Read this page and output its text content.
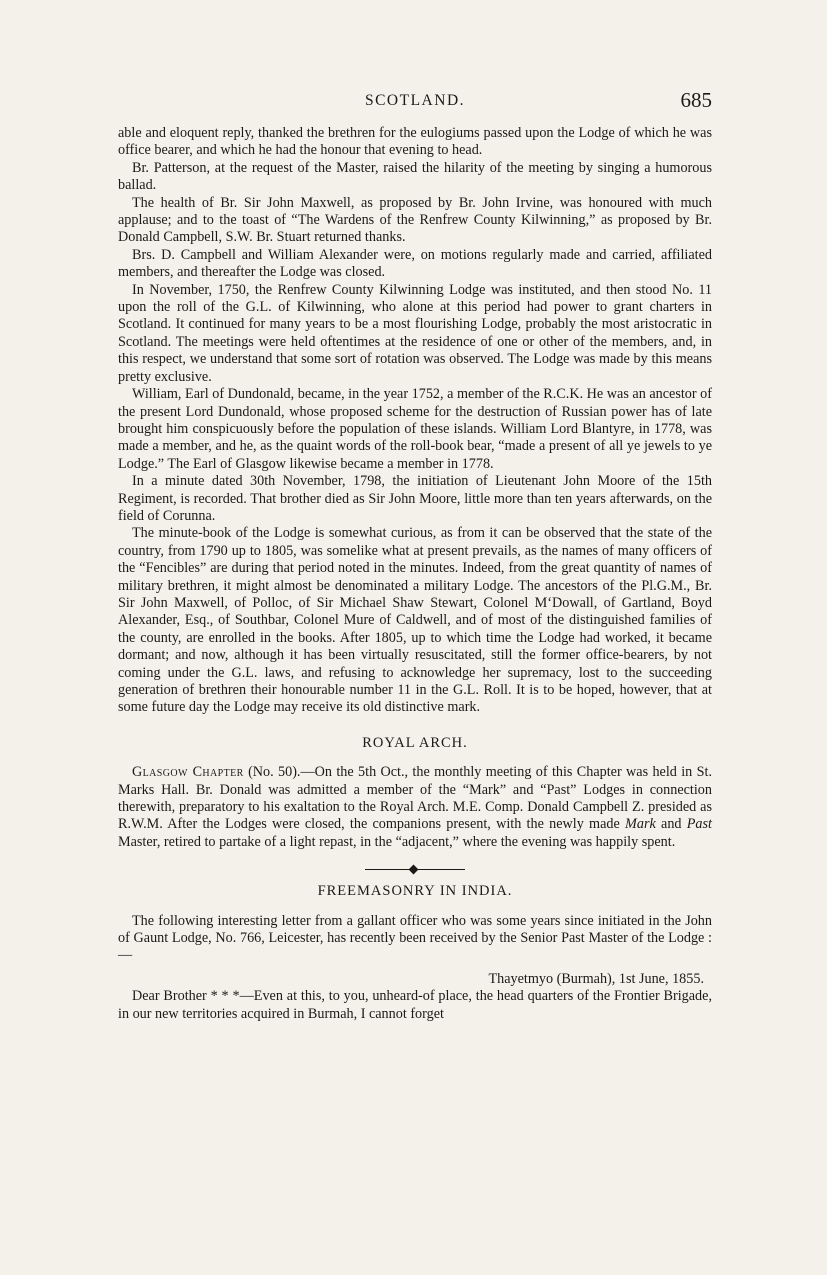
SCOTLAND.	685

able and eloquent reply, thanked the brethren for the eulogiums passed upon the Lodge of which he was office bearer, and which he had the honour that evening to head.

Br. Patterson, at the request of the Master, raised the hilarity of the meeting by singing a humorous ballad.

The health of Br. Sir John Maxwell, as proposed by Br. John Irvine, was honoured with much applause; and to the toast of “The Wardens of the Renfrew County Kilwinning,” as proposed by Br. Donald Campbell, S.W. Br. Stuart returned thanks.

Brs. D. Campbell and William Alexander were, on motions regularly made and carried, affiliated members, and thereafter the Lodge was closed.

In November, 1750, the Renfrew County Kilwinning Lodge was instituted, and then stood No. 11 upon the roll of the G.L. of Kilwinning, who alone at this period had power to grant charters in Scotland. It continued for many years to be a most flourishing Lodge, probably the most aristocratic in Scotland. The meetings were held oftentimes at the residence of one or other of the members, and, in this respect, we understand that some sort of rotation was observed. The Lodge was made by this means pretty exclusive.

William, Earl of Dundonald, became, in the year 1752, a member of the R.C.K. He was an ancestor of the present Lord Dundonald, whose proposed scheme for the destruction of Russian power has of late brought him conspicuously before the population of these islands. William Lord Blantyre, in 1778, was made a member, and he, as the quaint words of the roll-book bear, “made a present of all ye jewels to ye Lodge.” The Earl of Glasgow likewise became a member in 1778.

In a minute dated 30th November, 1798, the initiation of Lieutenant John Moore of the 15th Regiment, is recorded. That brother died as Sir John Moore, little more than ten years afterwards, on the field of Corunna.

The minute-book of the Lodge is somewhat curious, as from it can be observed that the state of the country, from 1790 up to 1805, was somelike what at present prevails, as the names of many officers of the “Fencibles” are during that period noted in the minutes. Indeed, from the great quantity of names of military brethren, it might almost be denominated a military Lodge. The ancestors of the Pl.G.M., Br. Sir John Maxwell, of Polloc, of Sir Michael Shaw Stewart, Colonel M‘Dowall, of Gartland, Boyd Alexander, Esq., of Southbar, Colonel Mure of Caldwell, and of most of the distinguished families of the county, are enrolled in the books. After 1805, up to which time the Lodge had worked, it became dormant; and now, although it has been virtually resuscitated, still the former office-bearers, by not coming under the G.L. laws, and refusing to acknowledge her supremacy, lost to the succeeding generation of brethren their honourable number 11 in the G.L. Roll. It is to be hoped, however, that at some future day the Lodge may receive its old distinctive mark.

ROYAL ARCH.

Glasgow Chapter (No. 50).—On the 5th Oct., the monthly meeting of this Chapter was held in St. Marks Hall. Br. Donald was admitted a member of the “Mark” and “Past” Lodges in connection therewith, preparatory to his exaltation to the Royal Arch. M.E. Comp. Donald Campbell Z. presided as R.W.M. After the Lodges were closed, the companions present, with the newly made Mark and Past Master, retired to partake of a light repast, in the “adjacent,” where the evening was happily spent.

FREEMASONRY IN INDIA.

The following interesting letter from a gallant officer who was some years since initiated in the John of Gaunt Lodge, No. 766, Leicester, has recently been received by the Senior Past Master of the Lodge :—

Thayetmyo (Burmah), 1st June, 1855.

Dear Brother * * *—Even at this, to you, unheard-of place, the head quarters of the Frontier Brigade, in our new territories acquired in Burmah, I cannot forget
